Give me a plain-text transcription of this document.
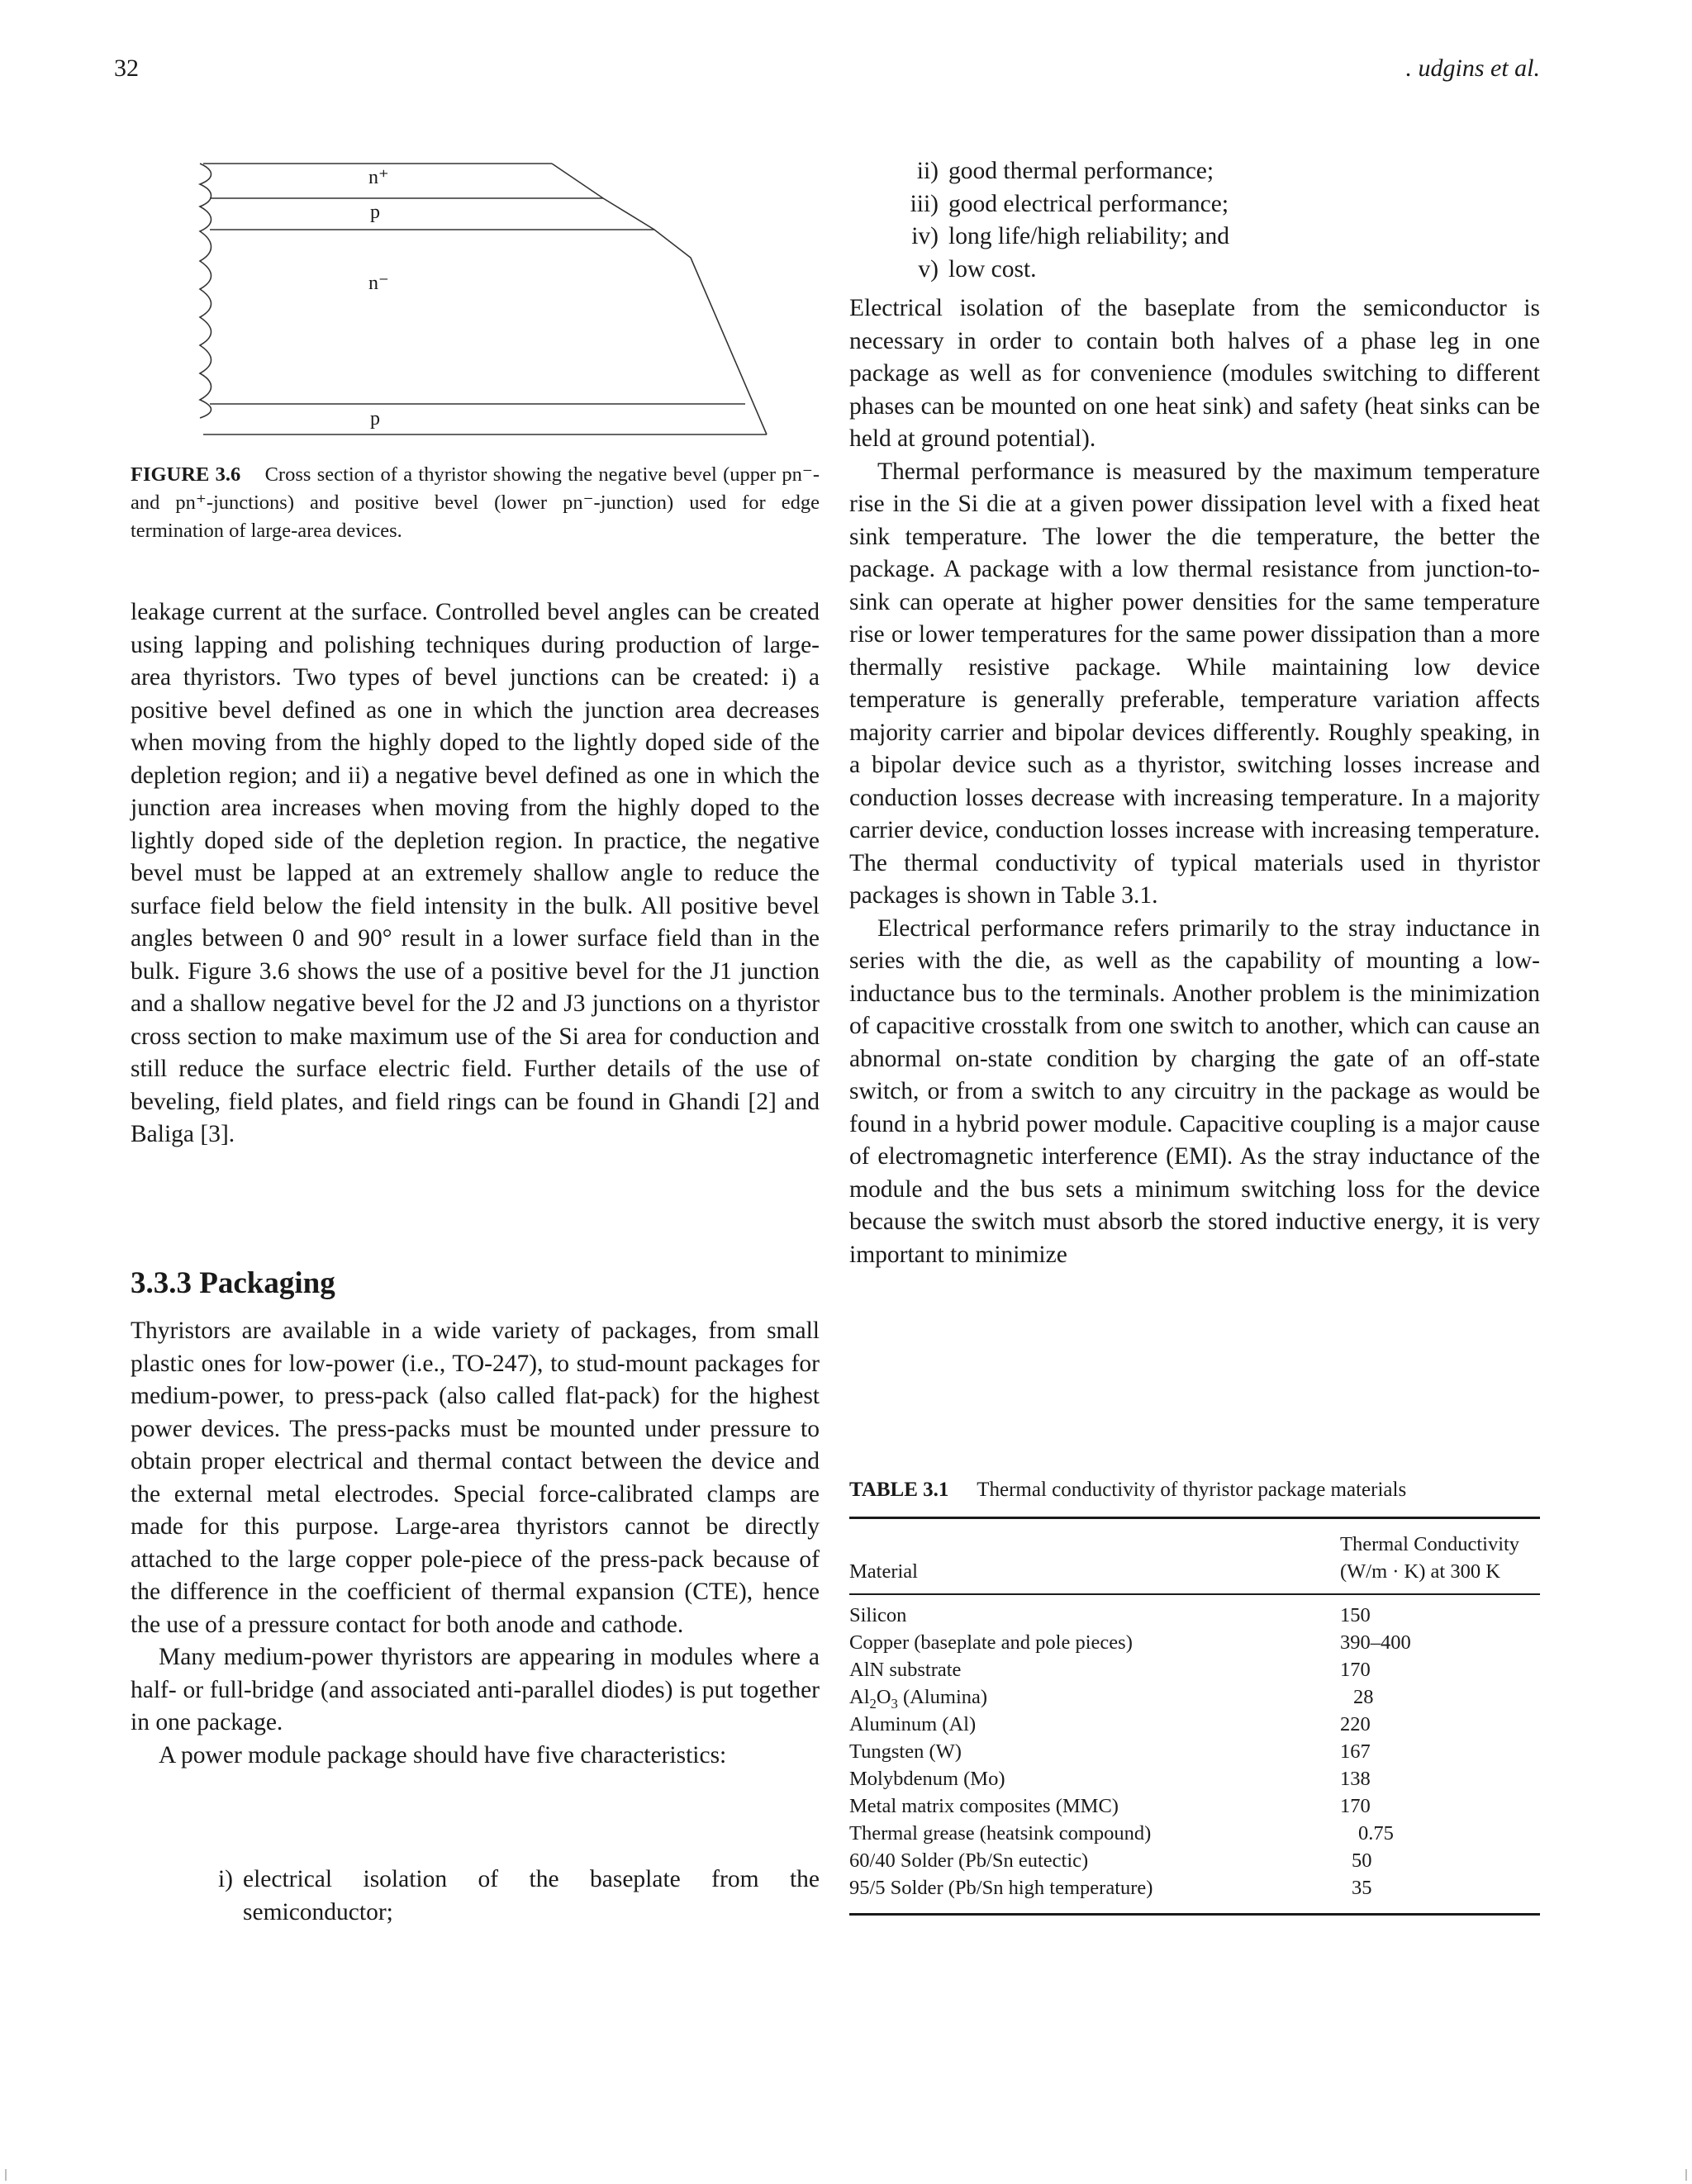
32	. udgins et al.
n⁺
p
n⁻
p
FIGURE 3.6 Cross section of a thyristor showing the negative bevel (upper pn⁻- and pn⁺-junctions) and positive bevel (lower pn⁻-junction) used for edge termination of large-area devices.

leakage current at the surface. Controlled bevel angles can be created using lapping and polishing techniques during production of large-area thyristors. Two types of bevel junctions can be created: i) a positive bevel defined as one in which the junction area decreases when moving from the highly doped to the lightly doped side of the depletion region; and ii) a negative bevel defined as one in which the junction area increases when moving from the highly doped to the lightly doped side of the depletion region. In practice, the negative bevel must be lapped at an extremely shallow angle to reduce the surface field below the field intensity in the bulk. All positive bevel angles between 0 and 90° result in a lower surface field than in the bulk. Figure 3.6 shows the use of a positive bevel for the J1 junction and a shallow negative bevel for the J2 and J3 junctions on a thyristor cross section to make maximum use of the Si area for conduction and still reduce the surface electric field. Further details of the use of beveling, field plates, and field rings can be found in Ghandi [2] and Baliga [3].

3.3.3 Packaging

Thyristors are available in a wide variety of packages, from small plastic ones for low-power (i.e., TO-247), to stud-mount packages for medium-power, to press-pack (also called flat-pack) for the highest power devices. The press-packs must be mounted under pressure to obtain proper electrical and thermal contact between the device and the external metal electrodes. Special force-calibrated clamps are made for this purpose. Large-area thyristors cannot be directly attached to the large copper pole-piece of the press-pack because of the difference in the coefficient of thermal expansion (CTE), hence the use of a pressure contact for both anode and cathode.

Many medium-power thyristors are appearing in modules where a half- or full-bridge (and associated anti-parallel diodes) is put together in one package.

A power module package should have five characteristics:

i) electrical isolation of the baseplate from the semiconductor;
ii) good thermal performance;
iii) good electrical performance;
iv) long life/high reliability; and
v) low cost.

Electrical isolation of the baseplate from the semiconductor is necessary in order to contain both halves of a phase leg in one package as well as for convenience (modules switching to different phases can be mounted on one heat sink) and safety (heat sinks can be held at ground potential).

Thermal performance is measured by the maximum temperature rise in the Si die at a given power dissipation level with a fixed heat sink temperature. The lower the die temperature, the better the package. A package with a low thermal resistance from junction-to-sink can operate at higher power densities for the same temperature rise or lower temperatures for the same power dissipation than a more thermally resistive package. While maintaining low device temperature is generally preferable, temperature variation affects majority carrier and bipolar devices differently. Roughly speaking, in a bipolar device such as a thyristor, switching losses increase and conduction losses decrease with increasing temperature. In a majority carrier device, conduction losses increase with increasing temperature. The thermal conductivity of typical materials used in thyristor packages is shown in Table 3.1.

Electrical performance refers primarily to the stray inductance in series with the die, as well as the capability of mounting a low-inductance bus to the terminals. Another problem is the minimization of capacitive crosstalk from one switch to another, which can cause an abnormal on-state condition by charging the gate of an off-state switch, or from a switch to any circuitry in the package as would be found in a hybrid power module. Capacitive coupling is a major cause of electromagnetic interference (EMI). As the stray inductance of the module and the bus sets a minimum switching loss for the device because the switch must absorb the stored inductive energy, it is very important to minimize

TABLE 3.1 Thermal conductivity of thyristor package materials
Material	Thermal Conductivity
(W/m · K) at 300 K
Silicon	150
Copper (baseplate and pole pieces)	390–400
AlN substrate	170
$Al_2O_3$ (Alumina)	28
Aluminum (Al)	220
Tungsten (W)	167
Molybdenum (Mo)	138
Metal matrix composites (MMC)	170
Thermal grease (heatsink compound)	0.75
60/40 Solder (Pb/Sn eutectic)	50
95/5 Solder (Pb/Sn high temperature)	35
